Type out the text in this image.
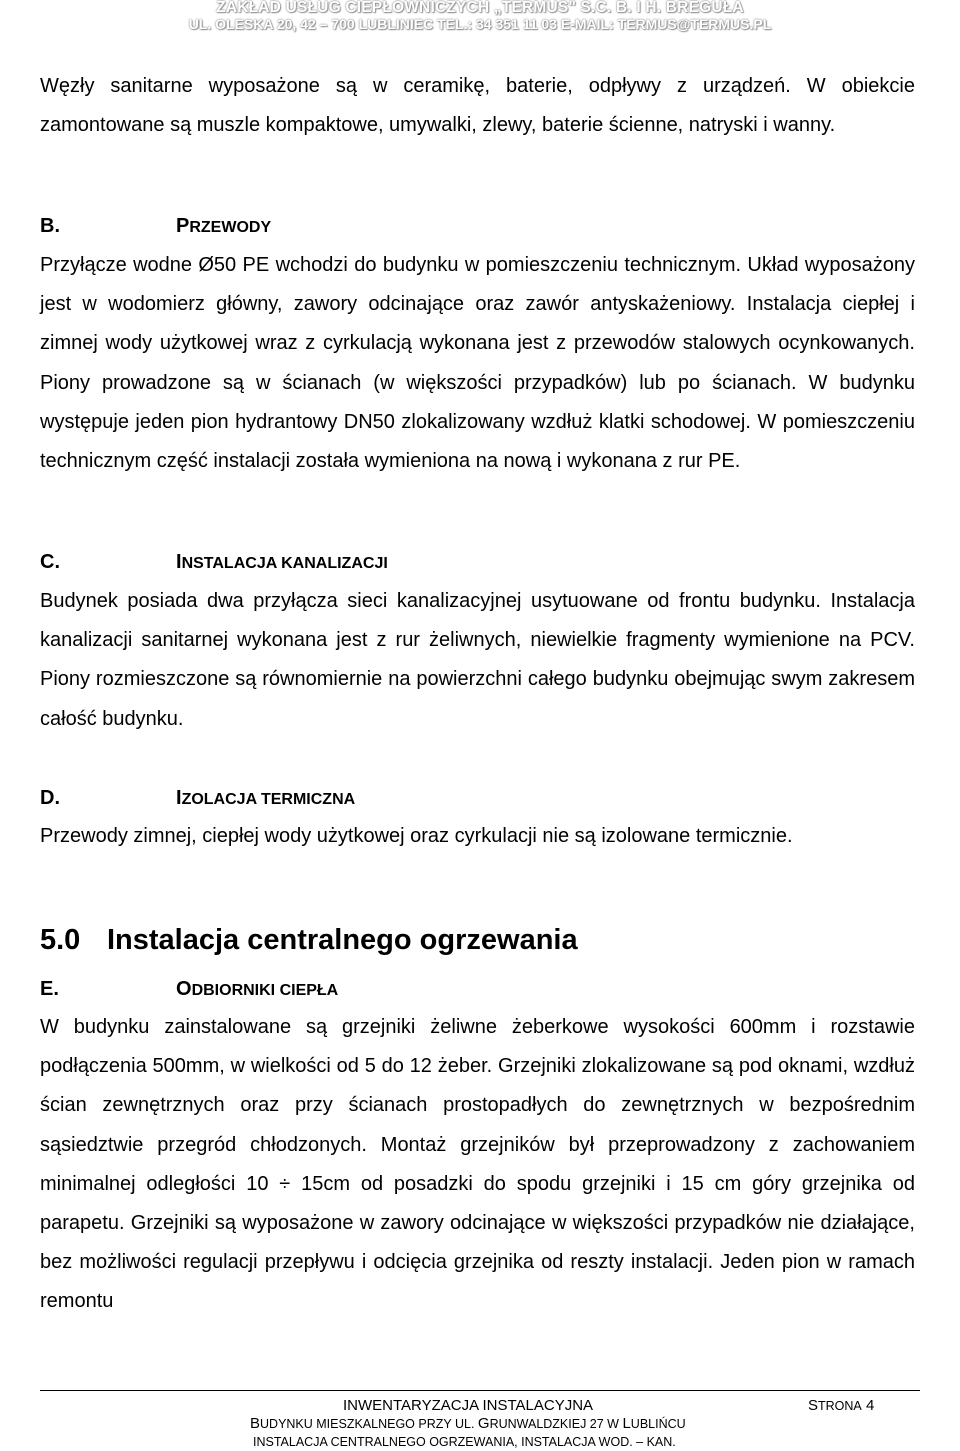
ZAKŁAD USŁUG CIEPŁOWNICZYCH „TERMUS" S.C. B. I H. BREGUŁA
UL. OLESKA 20, 42 – 700 LUBLINIEC TEL.: 34 351 11 03 E-MAIL: TERMUS@TERMUS.PL

Węzły sanitarne wyposażone są w ceramikę, baterie, odpływy z urządzeń. W obiekcie zamontowane są muszle kompaktowe, umywalki, zlewy, baterie ścienne, natryski i wanny.

B.	PRZEWODY

Przyłącze wodne Ø50 PE wchodzi do budynku w pomieszczeniu technicznym. Układ wyposażony jest w wodomierz główny, zawory odcinające oraz zawór antyskażeniowy. Instalacja ciepłej i zimnej wody użytkowej wraz z cyrkulacją wykonana jest z przewodów stalowych ocynkowanych. Piony prowadzone są w ścianach (w większości przypadków) lub po ścianach. W budynku występuje jeden pion hydrantowy DN50 zlokalizowany wzdłuż klatki schodowej. W pomieszczeniu technicznym część instalacji została wymieniona na nową i wykonana z rur PE.

C.	INSTALACJA KANALIZACJI

Budynek posiada dwa przyłącza sieci kanalizacyjnej usytuowane od frontu budynku. Instalacja kanalizacji sanitarnej wykonana jest z rur żeliwnych, niewielkie fragmenty wymienione na PCV. Piony rozmieszczone są równomiernie na powierzchni całego budynku obejmując swym zakresem całość budynku.

D.	IZOLACJA TERMICZNA

Przewody zimnej, ciepłej wody użytkowej oraz cyrkulacji nie są izolowane termicznie.

5.0 Instalacja centralnego ogrzewania

E.	ODBIORNIKI CIEPŁA

W budynku zainstalowane są grzejniki żeliwne żeberkowe wysokości 600mm i rozstawie podłączenia 500mm, w wielkości od 5 do 12 żeber. Grzejniki zlokalizowane są pod oknami, wzdłuż ścian zewnętrznych oraz przy ścianach prostopadłych do zewnętrznych w bezpośrednim sąsiedztwie przegród chłodzonych. Montaż grzejników był przeprowadzony z zachowaniem minimalnej odległości 10 ÷ 15cm od posadzki do spodu grzejniki i 15 cm góry grzejnika od parapetu. Grzejniki są wyposażone w zawory odcinające w większości przypadków nie działające, bez możliwości regulacji przepływu i odcięcia grzejnika od reszty instalacji. Jeden pion w ramach remontu

INWENTARYZACJA INSTALACYJNA	STRONA 4
BUDYNKU MIESZKALNEGO PRZY UL. GRUNWALDZKIEJ 27 W LUBLIŃCU
INSTALACJA CENTRALNEGO OGRZEWANIA, INSTALACJA WOD. – KAN.
